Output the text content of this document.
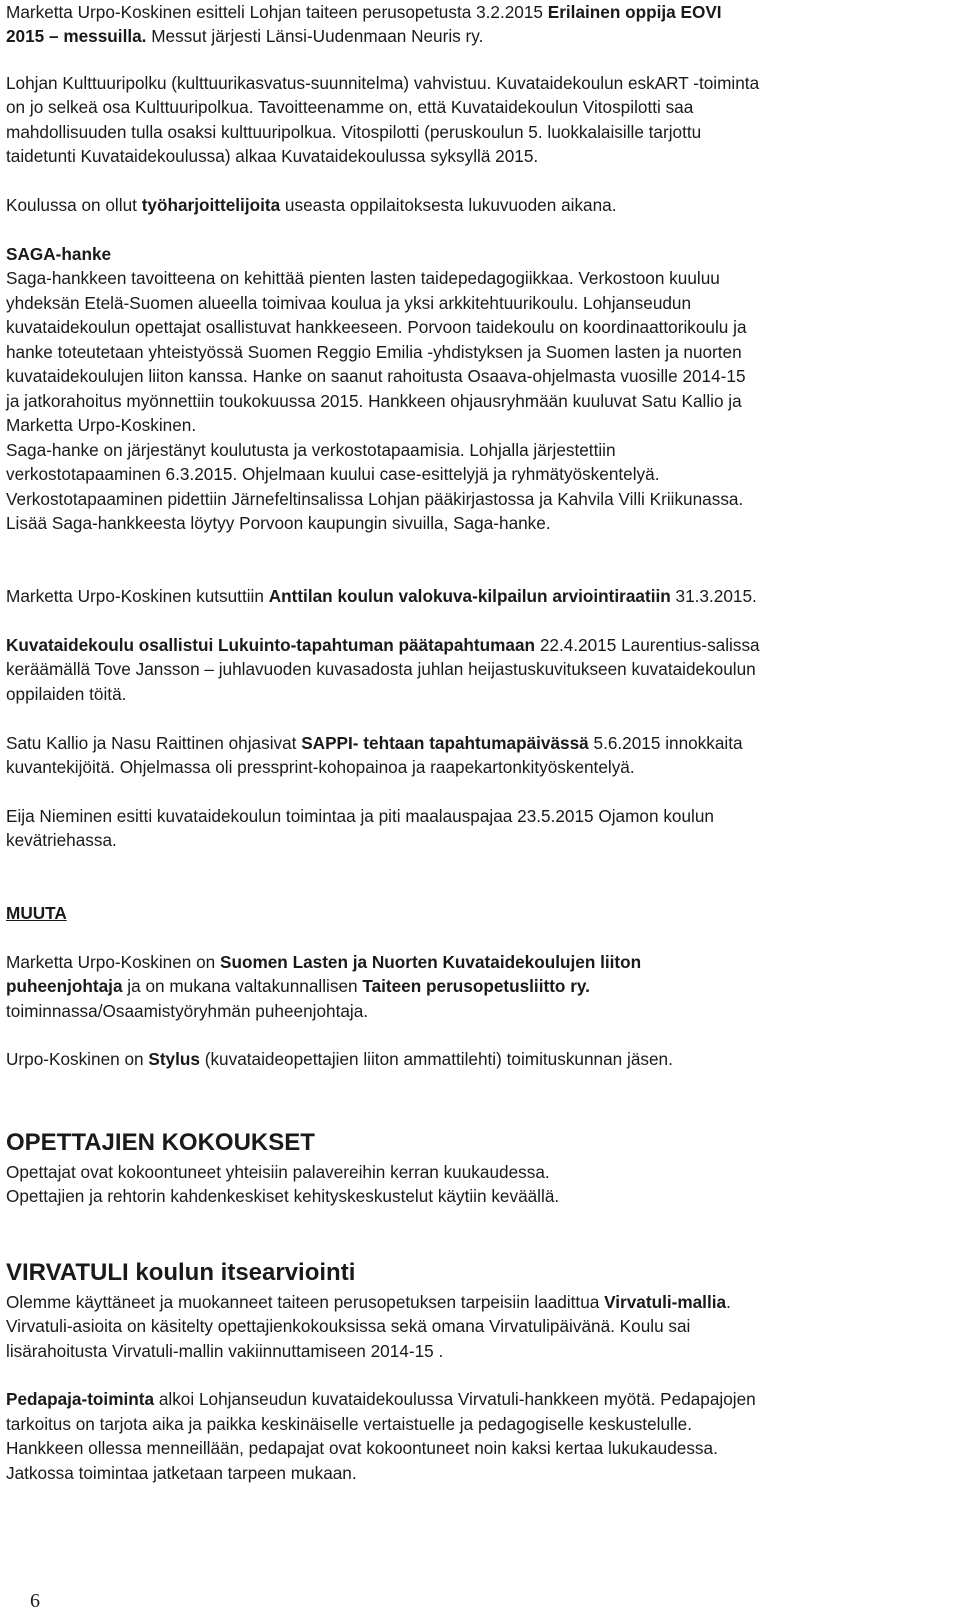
Marketta Urpo-Koskinen esitteli Lohjan taiteen perusopetusta 3.2.2015 Erilainen oppija EOVI

2015 – messuilla. Messut järjesti Länsi-Uudenmaan Neuris ry.

Lohjan Kulttuuripolku (kulttuurikasvatus-suunnitelma) vahvistuu. Kuvataidekoulun eskART -toiminta

on jo selkeä osa Kulttuuripolkua. Tavoitteenamme on, että Kuvataidekoulun Vitospilotti saa

mahdollisuuden tulla osaksi kulttuuripolkua. Vitospilotti (peruskoulun 5. luokkalaisille tarjottu

taidetunti Kuvataidekoulussa) alkaa Kuvataidekoulussa syksyllä 2015.

Koulussa on ollut työharjoittelijoita useasta oppilaitoksesta lukuvuoden aikana.

SAGA-hanke

Saga-hankkeen tavoitteena on kehittää pienten lasten taidepedagogiikkaa. Verkostoon kuuluu

yhdeksän Etelä-Suomen alueella toimivaa koulua ja yksi arkkitehtuurikoulu. Lohjanseudun

kuvataidekoulun opettajat osallistuvat hankkeeseen. Porvoon taidekoulu on koordinaattorikoulu ja

hanke toteutetaan yhteistyössä Suomen Reggio Emilia -yhdistyksen ja Suomen lasten ja nuorten

kuvataidekoulujen liiton kanssa. Hanke on saanut rahoitusta Osaava-ohjelmasta vuosille 2014-15

ja jatkorahoitus myönnettiin toukokuussa 2015. Hankkeen ohjausryhmään kuuluvat Satu Kallio ja

Marketta Urpo-Koskinen.

Saga-hanke on järjestänyt koulutusta ja verkostotapaamisia. Lohjalla järjestettiin

verkostotapaaminen 6.3.2015. Ohjelmaan kuului case-esittelyjä ja ryhmätyöskentelyä.

Verkostotapaaminen pidettiin Järnefeltinsalissa Lohjan pääkirjastossa ja Kahvila Villi Kriikunassa.

Lisää Saga-hankkeesta löytyy Porvoon kaupungin sivuilla, Saga-hanke.

Marketta Urpo-Koskinen kutsuttiin Anttilan koulun valokuva-kilpailun arviointiraatiin 31.3.2015.

Kuvataidekoulu osallistui Lukuinto-tapahtuman päätapahtumaan 22.4.2015 Laurentius-salissa

keräämällä Tove Jansson – juhlavuoden kuvasadosta juhlan heijastuskuvitukseen kuvataidekoulun

oppilaiden töitä.

Satu Kallio ja Nasu Raittinen ohjasivat SAPPI- tehtaan tapahtumapäivässä 5.6.2015 innokkaita

kuvantekijöitä. Ohjelmassa oli pressprint-kohopainoa ja raapekartonkityöskentelyä.

Eija Nieminen esitti kuvataidekoulun toimintaa ja piti maalauspajaa 23.5.2015 Ojamon koulun

kevätriehassa.

MUUTA

Marketta Urpo-Koskinen on Suomen Lasten ja Nuorten Kuvataidekoulujen liiton

puheenjohtaja ja on mukana valtakunnallisen Taiteen perusopetusliitto ry.

toiminnassa/Osaamistyöryhmän puheenjohtaja.

Urpo-Koskinen on Stylus (kuvataideopettajien liiton ammattilehti) toimituskunnan jäsen.

OPETTAJIEN KOKOUKSET

Opettajat ovat kokoontuneet yhteisiin palavereihin kerran kuukaudessa.

Opettajien ja rehtorin kahdenkeskiset kehityskeskustelut käytiin keväällä.

VIRVATULI koulun itsearviointi

Olemme käyttäneet ja muokanneet taiteen perusopetuksen tarpeisiin laadittua Virvatuli-mallia.

Virvatuli-asioita on käsitelty opettajienkokouksissa sekä omana Virvatulipäivänä. Koulu sai

lisärahoitusta Virvatuli-mallin vakiinnuttamiseen 2014-15 .

Pedapaja-toiminta alkoi Lohjanseudun kuvataidekoulussa Virvatuli-hankkeen myötä. Pedapajojen

tarkoitus on tarjota aika ja paikka keskinäiselle vertaistuelle ja pedagogiselle keskustelulle.

Hankkeen ollessa menneillään, pedapajat ovat kokoontuneet noin kaksi kertaa lukukaudessa.

Jatkossa toimintaa jatketaan tarpeen mukaan.

6
